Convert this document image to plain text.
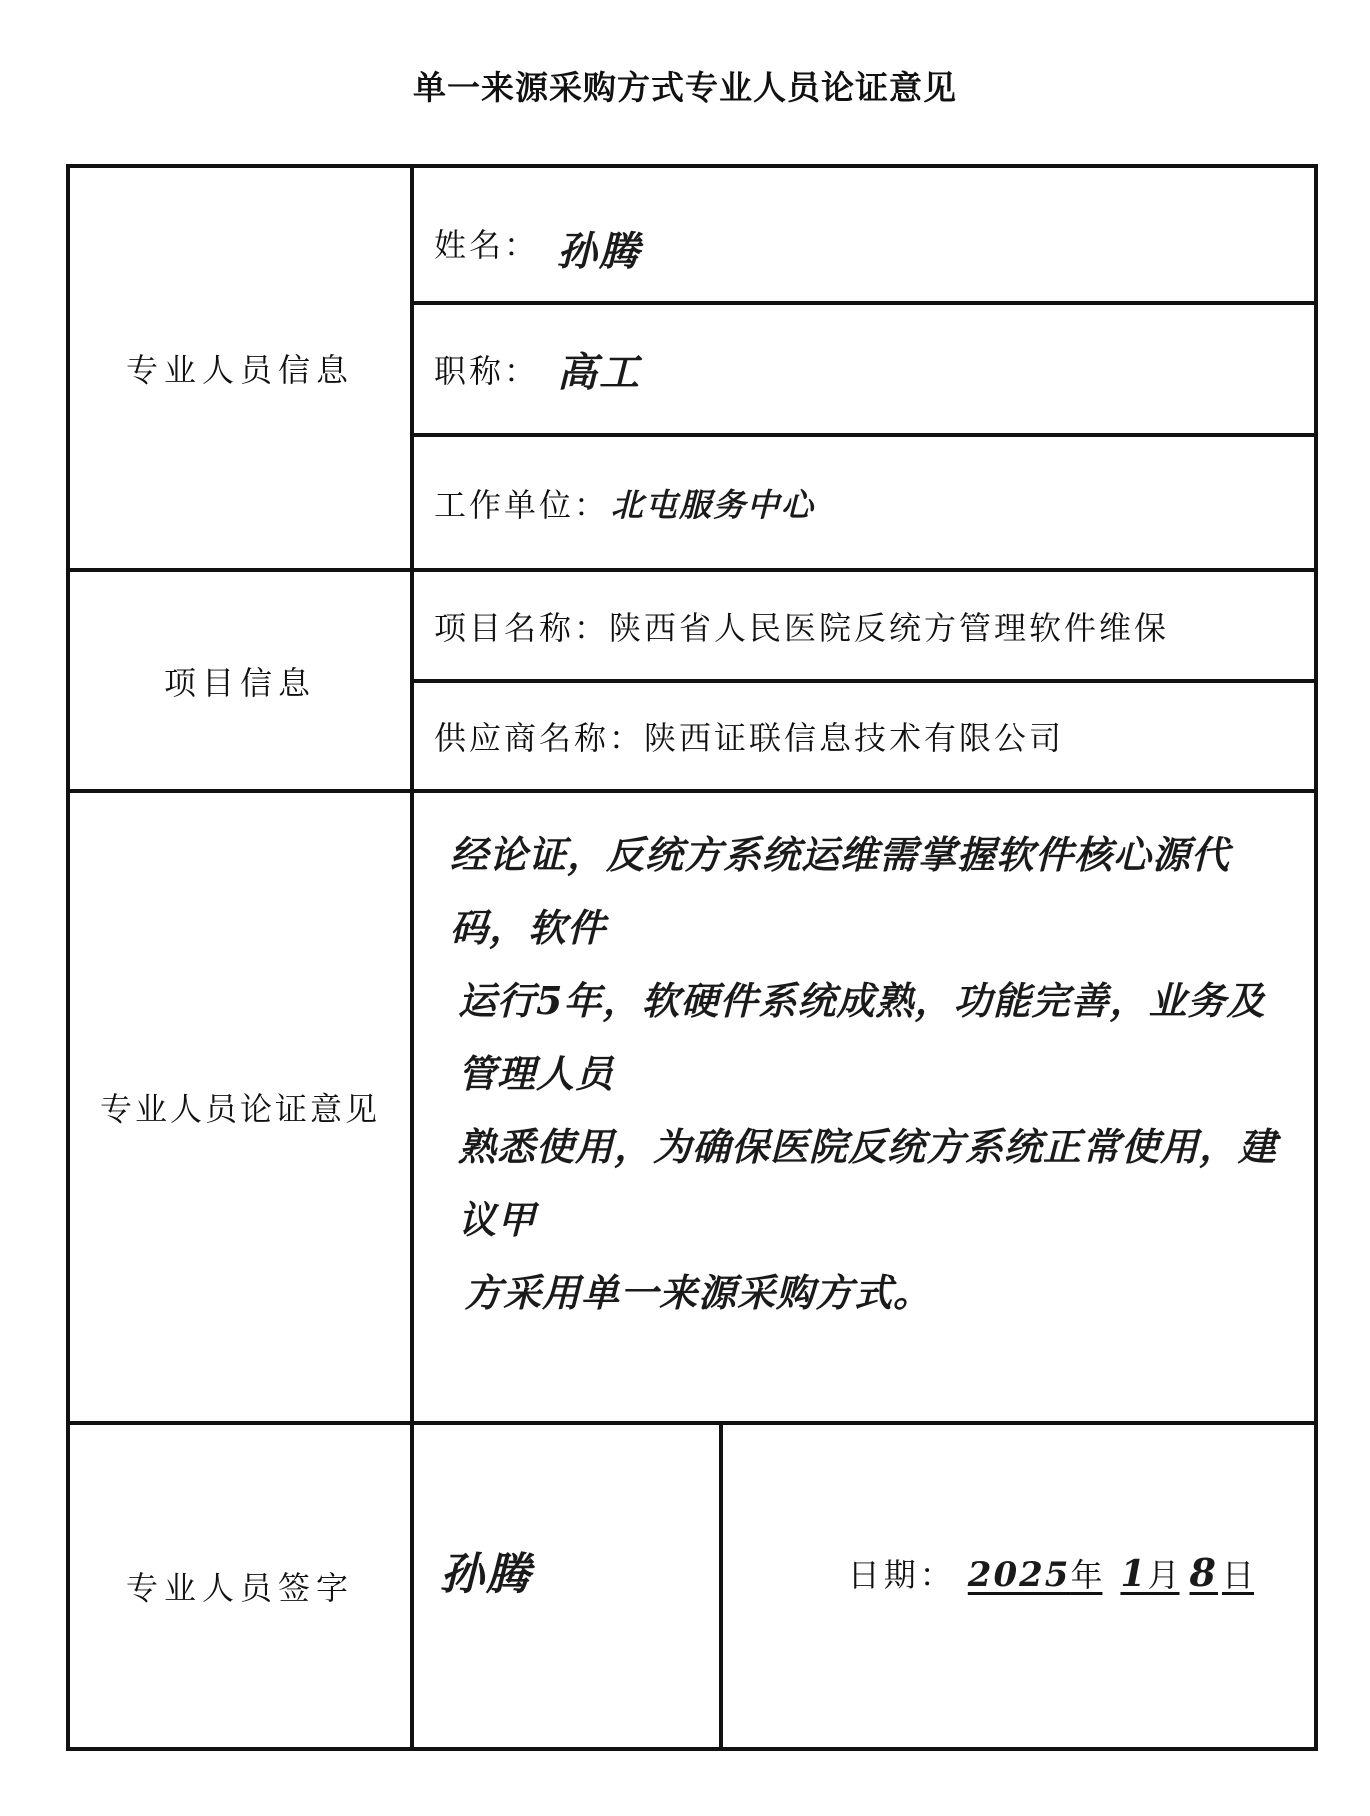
单一来源采购方式专业人员论证意见
专业人员信息
项目信息
专业人员论证意见
专业人员签字
姓名： 孙腾
职称： 高工
工作单位： 北屯服务中心
项目名称： 陕西省人民医院反统方管理软件维保
供应商名称： 陕西证联信息技术有限公司
经论证，反统方系统运维需掌握软件核心源代码，软件
运行5年，软硬件系统成熟，功能完善，业务及管理人员
熟悉使用，为确保医院反统方系统正常使用，建议甲
方采用单一来源采购方式。
孙腾	日期： 2025年 1月 8 日
